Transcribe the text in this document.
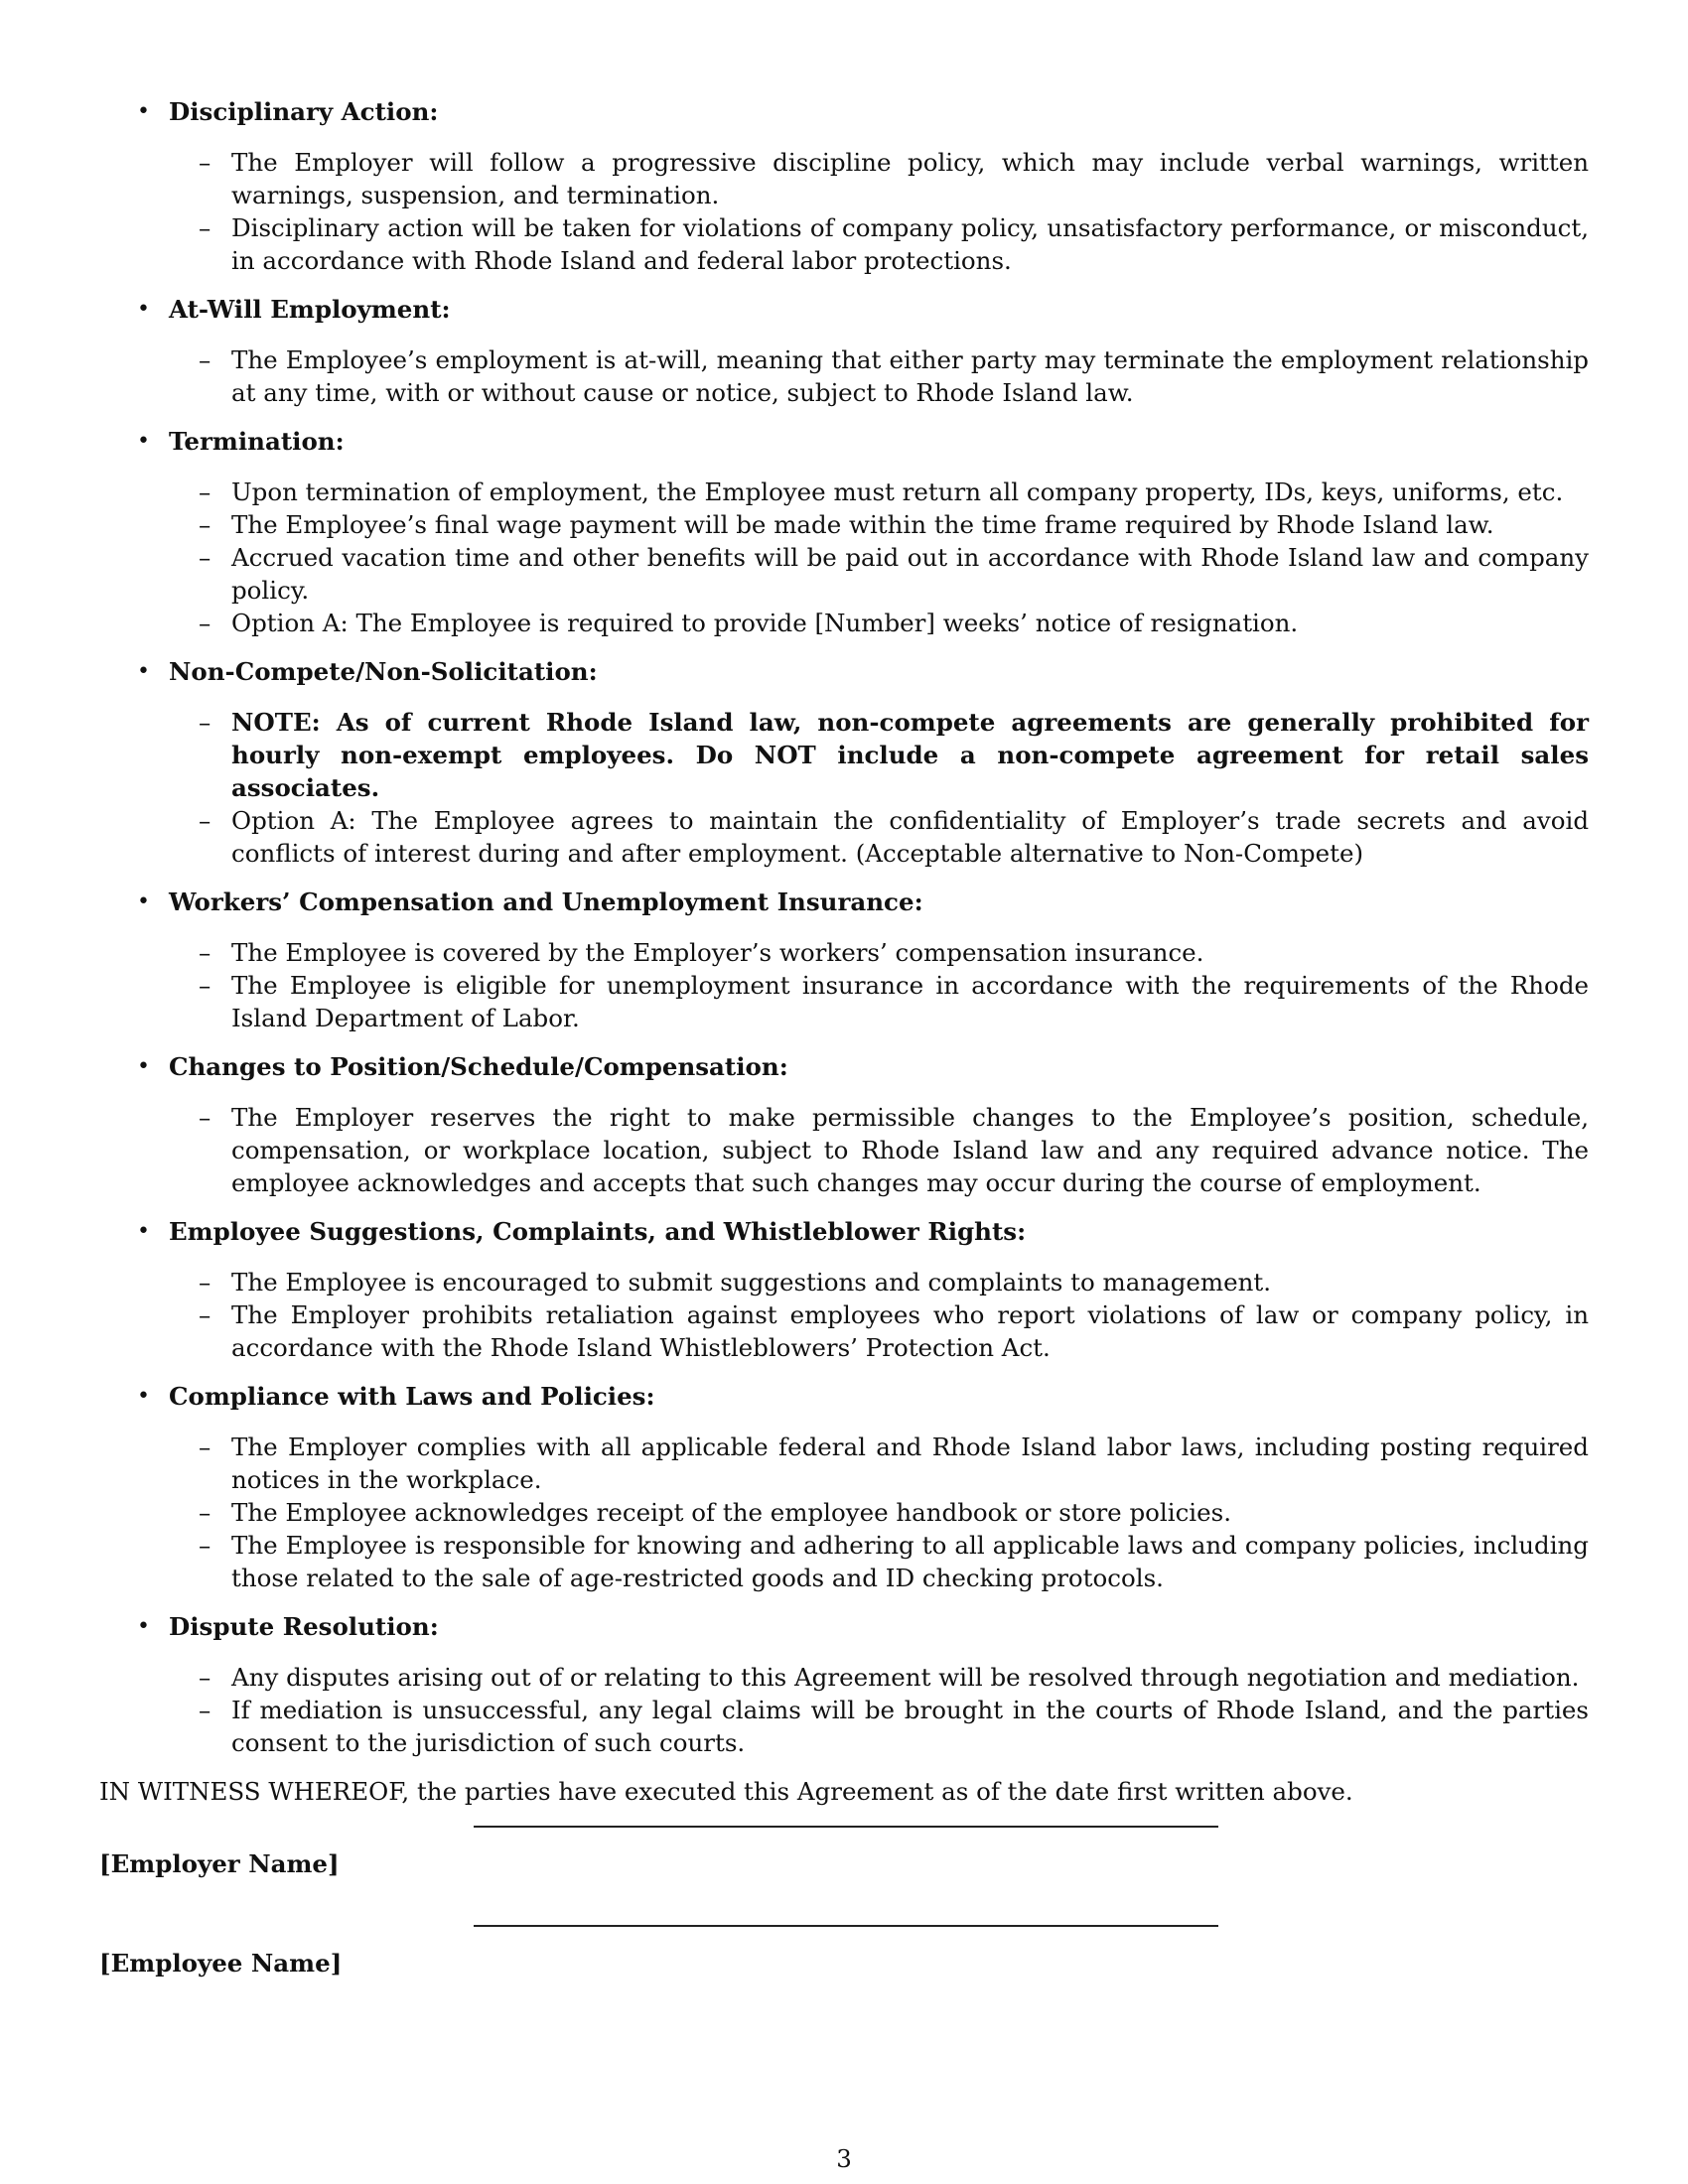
• Disciplinary Action:
– The Employer will follow a progressive discipline policy, which may include verbal warnings, written warnings, suspension, and termination.
– Disciplinary action will be taken for violations of company policy, unsatisfactory performance, or misconduct, in accordance with Rhode Island and federal labor protections.
• At-Will Employment:
– The Employee’s employment is at-will, meaning that either party may terminate the employment relationship at any time, with or without cause or notice, subject to Rhode Island law.
• Termination:
– Upon termination of employment, the Employee must return all company property, IDs, keys, uniforms, etc.
– The Employee’s final wage payment will be made within the time frame required by Rhode Island law.
– Accrued vacation time and other benefits will be paid out in accordance with Rhode Island law and company policy.
– Option A: The Employee is required to provide [Number] weeks’ notice of resignation.
• Non-Compete/Non-Solicitation:
– NOTE: As of current Rhode Island law, non-compete agreements are generally prohibited for hourly non-exempt employees. Do NOT include a non-compete agreement for retail sales associates.
– Option A: The Employee agrees to maintain the confidentiality of Employer’s trade secrets and avoid conflicts of interest during and after employment. (Acceptable alternative to Non-Compete)
• Workers’ Compensation and Unemployment Insurance:
– The Employee is covered by the Employer’s workers’ compensation insurance.
– The Employee is eligible for unemployment insurance in accordance with the requirements of the Rhode Island Department of Labor.
• Changes to Position/Schedule/Compensation:
– The Employer reserves the right to make permissible changes to the Employee’s position, schedule, compensation, or workplace location, subject to Rhode Island law and any required advance notice. The employee acknowledges and accepts that such changes may occur during the course of employment.
• Employee Suggestions, Complaints, and Whistleblower Rights:
– The Employee is encouraged to submit suggestions and complaints to management.
– The Employer prohibits retaliation against employees who report violations of law or company policy, in accordance with the Rhode Island Whistleblowers’ Protection Act.
• Compliance with Laws and Policies:
– The Employer complies with all applicable federal and Rhode Island labor laws, including posting required notices in the workplace.
– The Employee acknowledges receipt of the employee handbook or store policies.
– The Employee is responsible for knowing and adhering to all applicable laws and company policies, including those related to the sale of age-restricted goods and ID checking protocols.
• Dispute Resolution:
– Any disputes arising out of or relating to this Agreement will be resolved through negotiation and mediation.
– If mediation is unsuccessful, any legal claims will be brought in the courts of Rhode Island, and the parties consent to the jurisdiction of such courts.
IN WITNESS WHEREOF, the parties have executed this Agreement as of the date first written above.
[Employer Name]
[Employee Name]
3
